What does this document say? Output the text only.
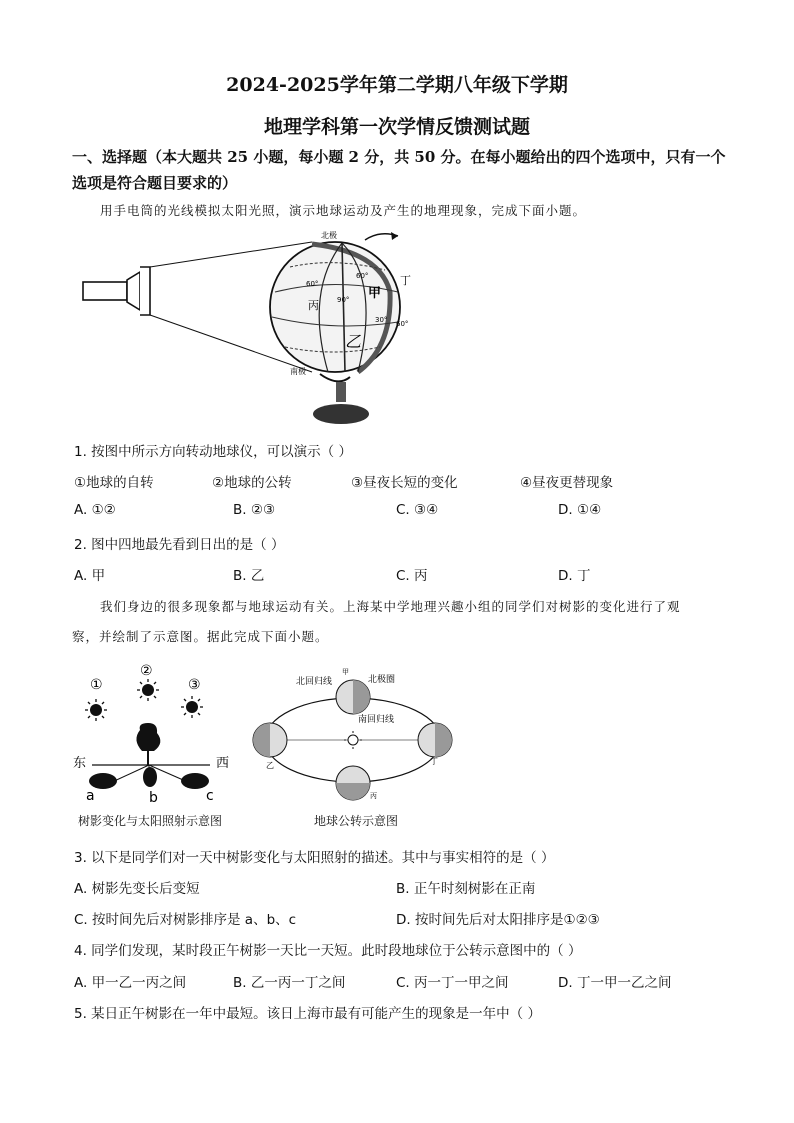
2024-2025学年第二学期八年级下学期
地理学科第一次学情反馈测试题
一、选择题（本大题共 25 小题，每小题 2 分，共 50 分。在每小题给出的四个选项中，只有一个选项是符合题目要求的）
用手电筒的光线模拟太阳光照，演示地球运动及产生的地理现象，完成下面小题。
北极
南极
甲
乙
丙
丁
60°
60°
30°
90°
60°
1. 按图中所示方向转动地球仪，可以演示（ ）
①地球的自转	②地球的公转	③昼夜长短的变化	④昼夜更替现象
A. ①②	B. ②③	C. ③④	D. ①④
2. 图中四地最先看到日出的是（ ）
A. 甲	B. 乙	C. 丙	D. 丁
我们身边的很多现象都与地球运动有关。上海某中学地理兴趣小组的同学们对树影的变化进行了观
察，并绘制了示意图。据此完成下面小题。
①
②
③
东	西
a	b	c
树影变化与太阳照射示意图
北回归线	北极圈
南回归线
甲
乙
丙
丁
地球公转示意图
3. 以下是同学们对一天中树影变化与太阳照射的描述。其中与事实相符的是（ ）
A. 树影先变长后变短	B. 正午时刻树影在正南
C. 按时间先后对树影排序是 a、b、c	D. 按时间先后对太阳排序是①②③
4. 同学们发现，某时段正午树影一天比一天短。此时段地球位于公转示意图中的（ ）
A. 甲一乙一丙之间	B. 乙一丙一丁之间	C. 丙一丁一甲之间	D. 丁一甲一乙之间
5. 某日正午树影在一年中最短。该日上海市最有可能产生的现象是一年中（ ）
